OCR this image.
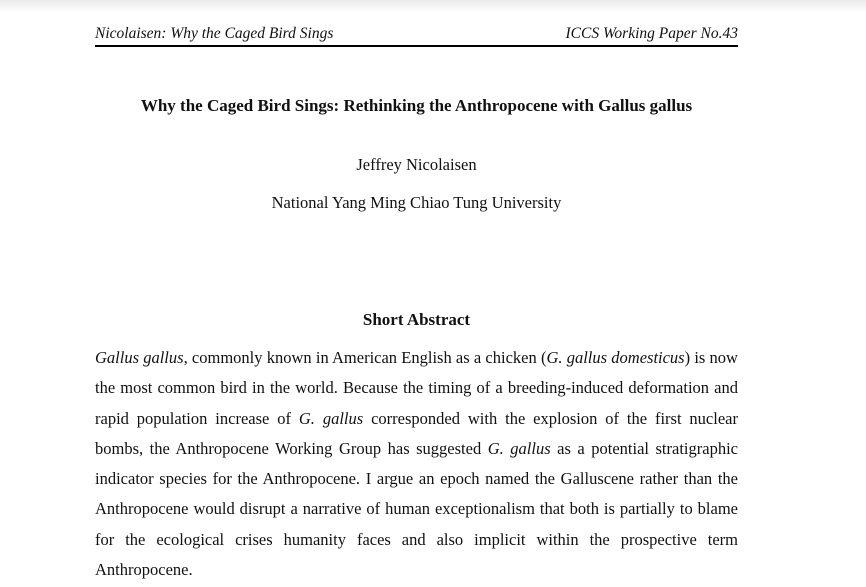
Nicolaisen: Why the Caged Bird Sings	ICCS Working Paper No.43
Why the Caged Bird Sings: Rethinking the Anthropocene with Gallus gallus
Jeffrey Nicolaisen
National Yang Ming Chiao Tung University
Short Abstract

Gallus gallus, commonly known in American English as a chicken (G. gallus domesticus) is now the most common bird in the world. Because the timing of a breeding-induced deformation and rapid population increase of G. gallus corresponded with the explosion of the first nuclear bombs, the Anthropocene Working Group has suggested G. gallus as a potential stratigraphic indicator species for the Anthropocene. I argue an epoch named the Galluscene rather than the Anthropocene would disrupt a narrative of human exceptionalism that both is partially to blame for the ecological crises humanity faces and also implicit within the prospective term Anthropocene.
